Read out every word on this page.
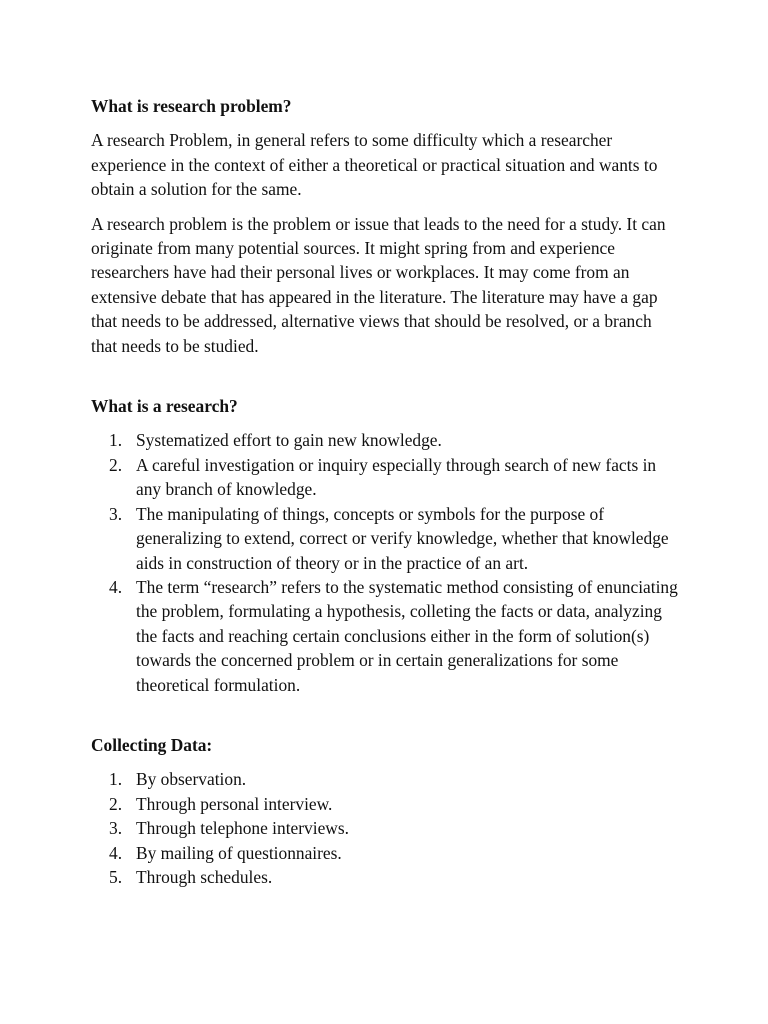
What is research problem?

A research Problem, in general refers to some difficulty which a researcher experience in the context of either a theoretical or practical situation and wants to obtain a solution for the same.

A research problem is the problem or issue that leads to the need for a study. It can originate from many potential sources. It might spring from and experience researchers have had their personal lives or workplaces. It may come from an extensive debate that has appeared in the literature. The literature may have a gap that needs to be addressed, alternative views that should be resolved, or a branch that needs to be studied.

What is a research?

1. Systematized effort to gain new knowledge.
2. A careful investigation or inquiry especially through search of new facts in any branch of knowledge.
3. The manipulating of things, concepts or symbols for the purpose of generalizing to extend, correct or verify knowledge, whether that knowledge aids in construction of theory or in the practice of an art.
4. The term “research” refers to the systematic method consisting of enunciating the problem, formulating a hypothesis, colleting the facts or data, analyzing the facts and reaching certain conclusions either in the form of solution(s) towards the concerned problem or in certain generalizations for some theoretical formulation.

Collecting Data:

1. By observation.
2. Through personal interview.
3. Through telephone interviews.
4. By mailing of questionnaires.
5. Through schedules.
